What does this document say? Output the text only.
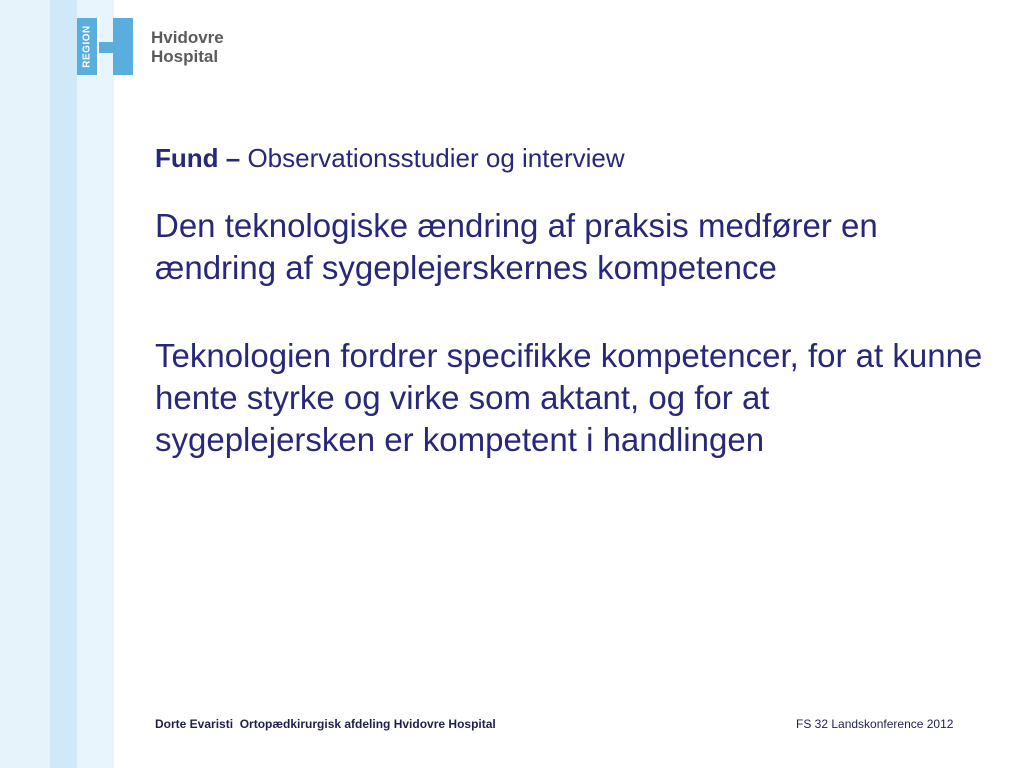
REGION	Hvidovre
Hospital
Fund – Observationsstudier og interview

Den teknologiske ændring af praksis medfører en ændring af sygeplejerskernes kompetence

Teknologien fordrer specifikke kompetencer, for at kunne hente styrke og virke som aktant, og for at sygeplejersken er kompetent i handlingen

Dorte Evaristi  Ortopædkirurgisk afdeling Hvidovre Hospital	FS 32 Landskonference 2012
